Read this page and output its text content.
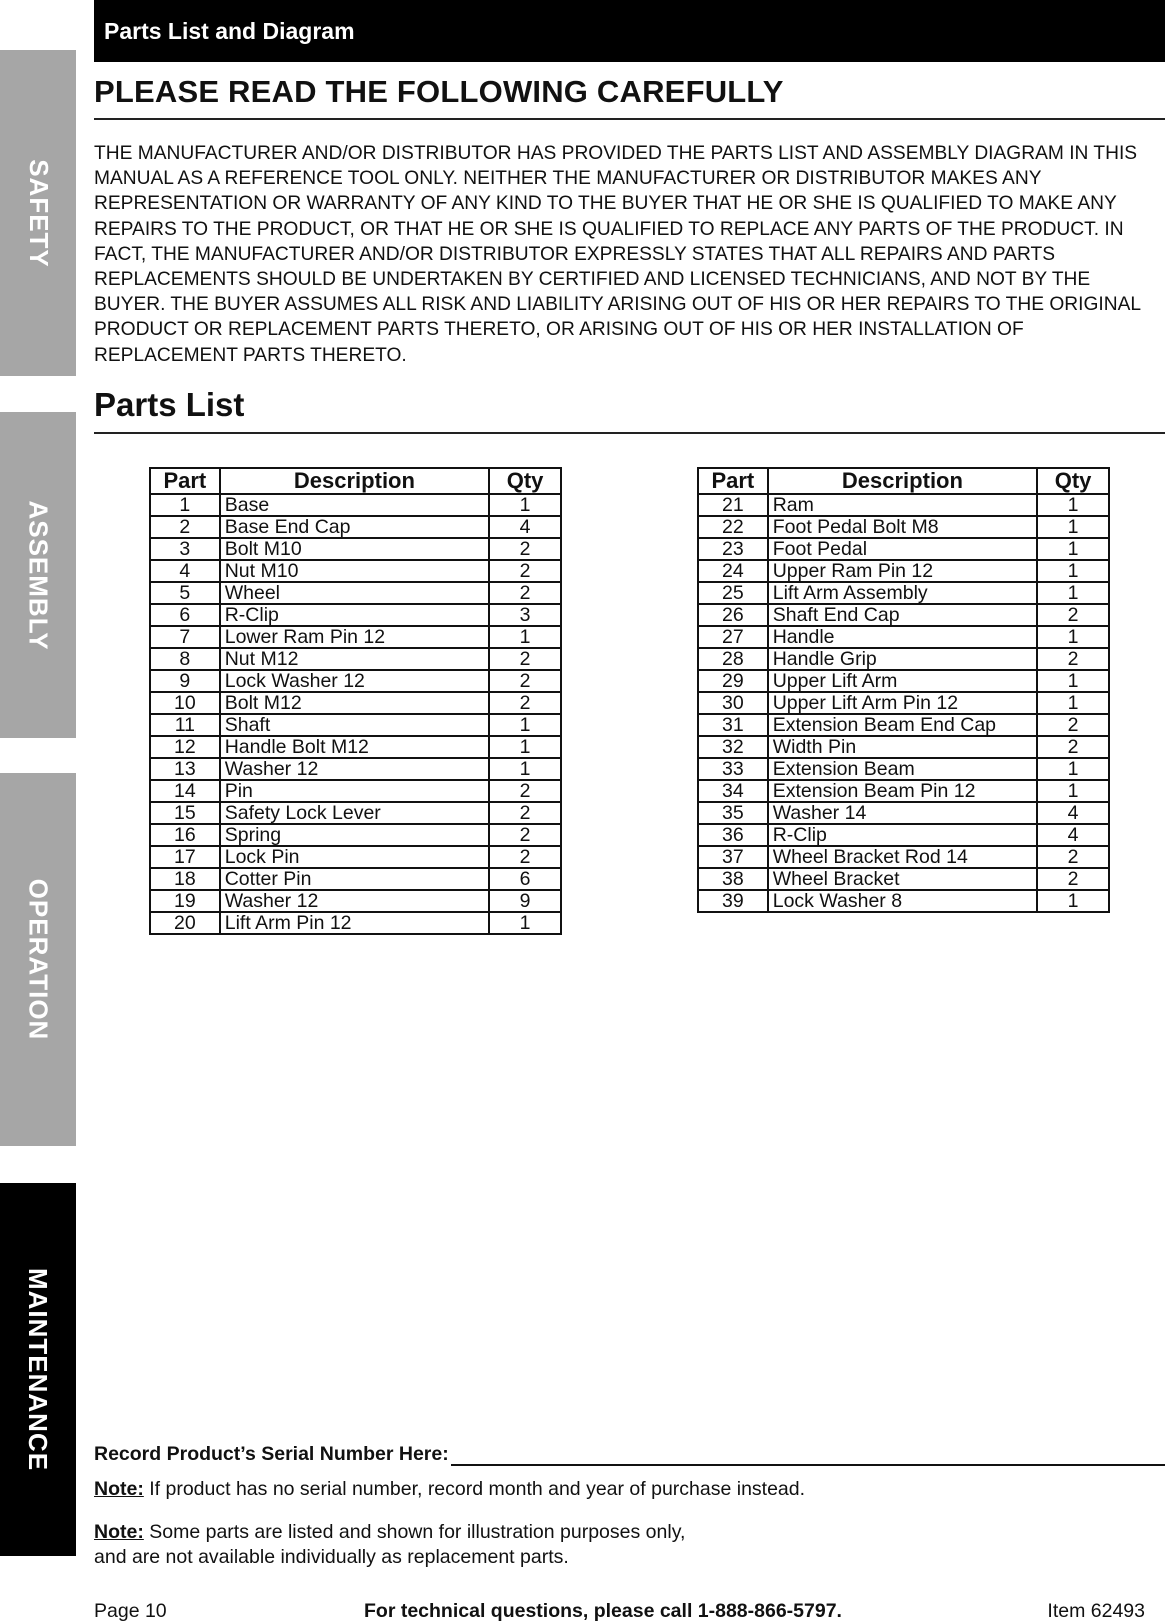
SAFETY
ASSEMBLY
OPERATION
MAINTENANCE
Parts List and Diagram
PLEASE READ THE FOLLOWING CAREFULLY
THE MANUFACTURER AND/OR DISTRIBUTOR HAS PROVIDED THE PARTS LIST AND ASSEMBLY DIAGRAM IN THIS MANUAL AS A REFERENCE TOOL ONLY. NEITHER THE MANUFACTURER OR DISTRIBUTOR MAKES ANY REPRESENTATION OR WARRANTY OF ANY KIND TO THE BUYER THAT HE OR SHE IS QUALIFIED TO MAKE ANY REPAIRS TO THE PRODUCT, OR THAT HE OR SHE IS QUALIFIED TO REPLACE ANY PARTS OF THE PRODUCT. IN FACT, THE MANUFACTURER AND/OR DISTRIBUTOR EXPRESSLY STATES THAT ALL REPAIRS AND PARTS REPLACEMENTS SHOULD BE UNDERTAKEN BY CERTIFIED AND LICENSED TECHNICIANS, AND NOT BY THE BUYER. THE BUYER ASSUMES ALL RISK AND LIABILITY ARISING OUT OF HIS OR HER REPAIRS TO THE ORIGINAL PRODUCT OR REPLACEMENT PARTS THERETO, OR ARISING OUT OF HIS OR HER INSTALLATION OF REPLACEMENT PARTS THERETO.
Parts List
Part	Description	Qty
1	Base	1
2	Base End Cap	4
3	Bolt M10	2
4	Nut M10	2
5	Wheel	2
6	R-Clip	3
7	Lower Ram Pin 12	1
8	Nut M12	2
9	Lock Washer 12	2
10	Bolt M12	2
11	Shaft	1
12	Handle Bolt M12	1
13	Washer 12	1
14	Pin	2
15	Safety Lock Lever	2
16	Spring	2
17	Lock Pin	2
18	Cotter Pin	6
19	Washer 12	9
20	Lift Arm Pin 12	1
Part	Description	Qty
21	Ram	1
22	Foot Pedal Bolt M8	1
23	Foot Pedal	1
24	Upper Ram Pin 12	1
25	Lift Arm Assembly	1
26	Shaft End Cap	2
27	Handle	1
28	Handle Grip	2
29	Upper Lift Arm	1
30	Upper Lift Arm Pin 12	1
31	Extension Beam End Cap	2
32	Width Pin	2
33	Extension Beam	1
34	Extension Beam Pin 12	1
35	Washer 14	4
36	R-Clip	4
37	Wheel Bracket Rod 14	2
38	Wheel Bracket	2
39	Lock Washer 8	1
Record Product’s Serial Number Here:
Note: If product has no serial number, record month and year of purchase instead.
Note: Some parts are listed and shown for illustration purposes only,
and are not available individually as replacement parts.
Page 10	For technical questions, please call 1-888-866-5797.	Item 62493
